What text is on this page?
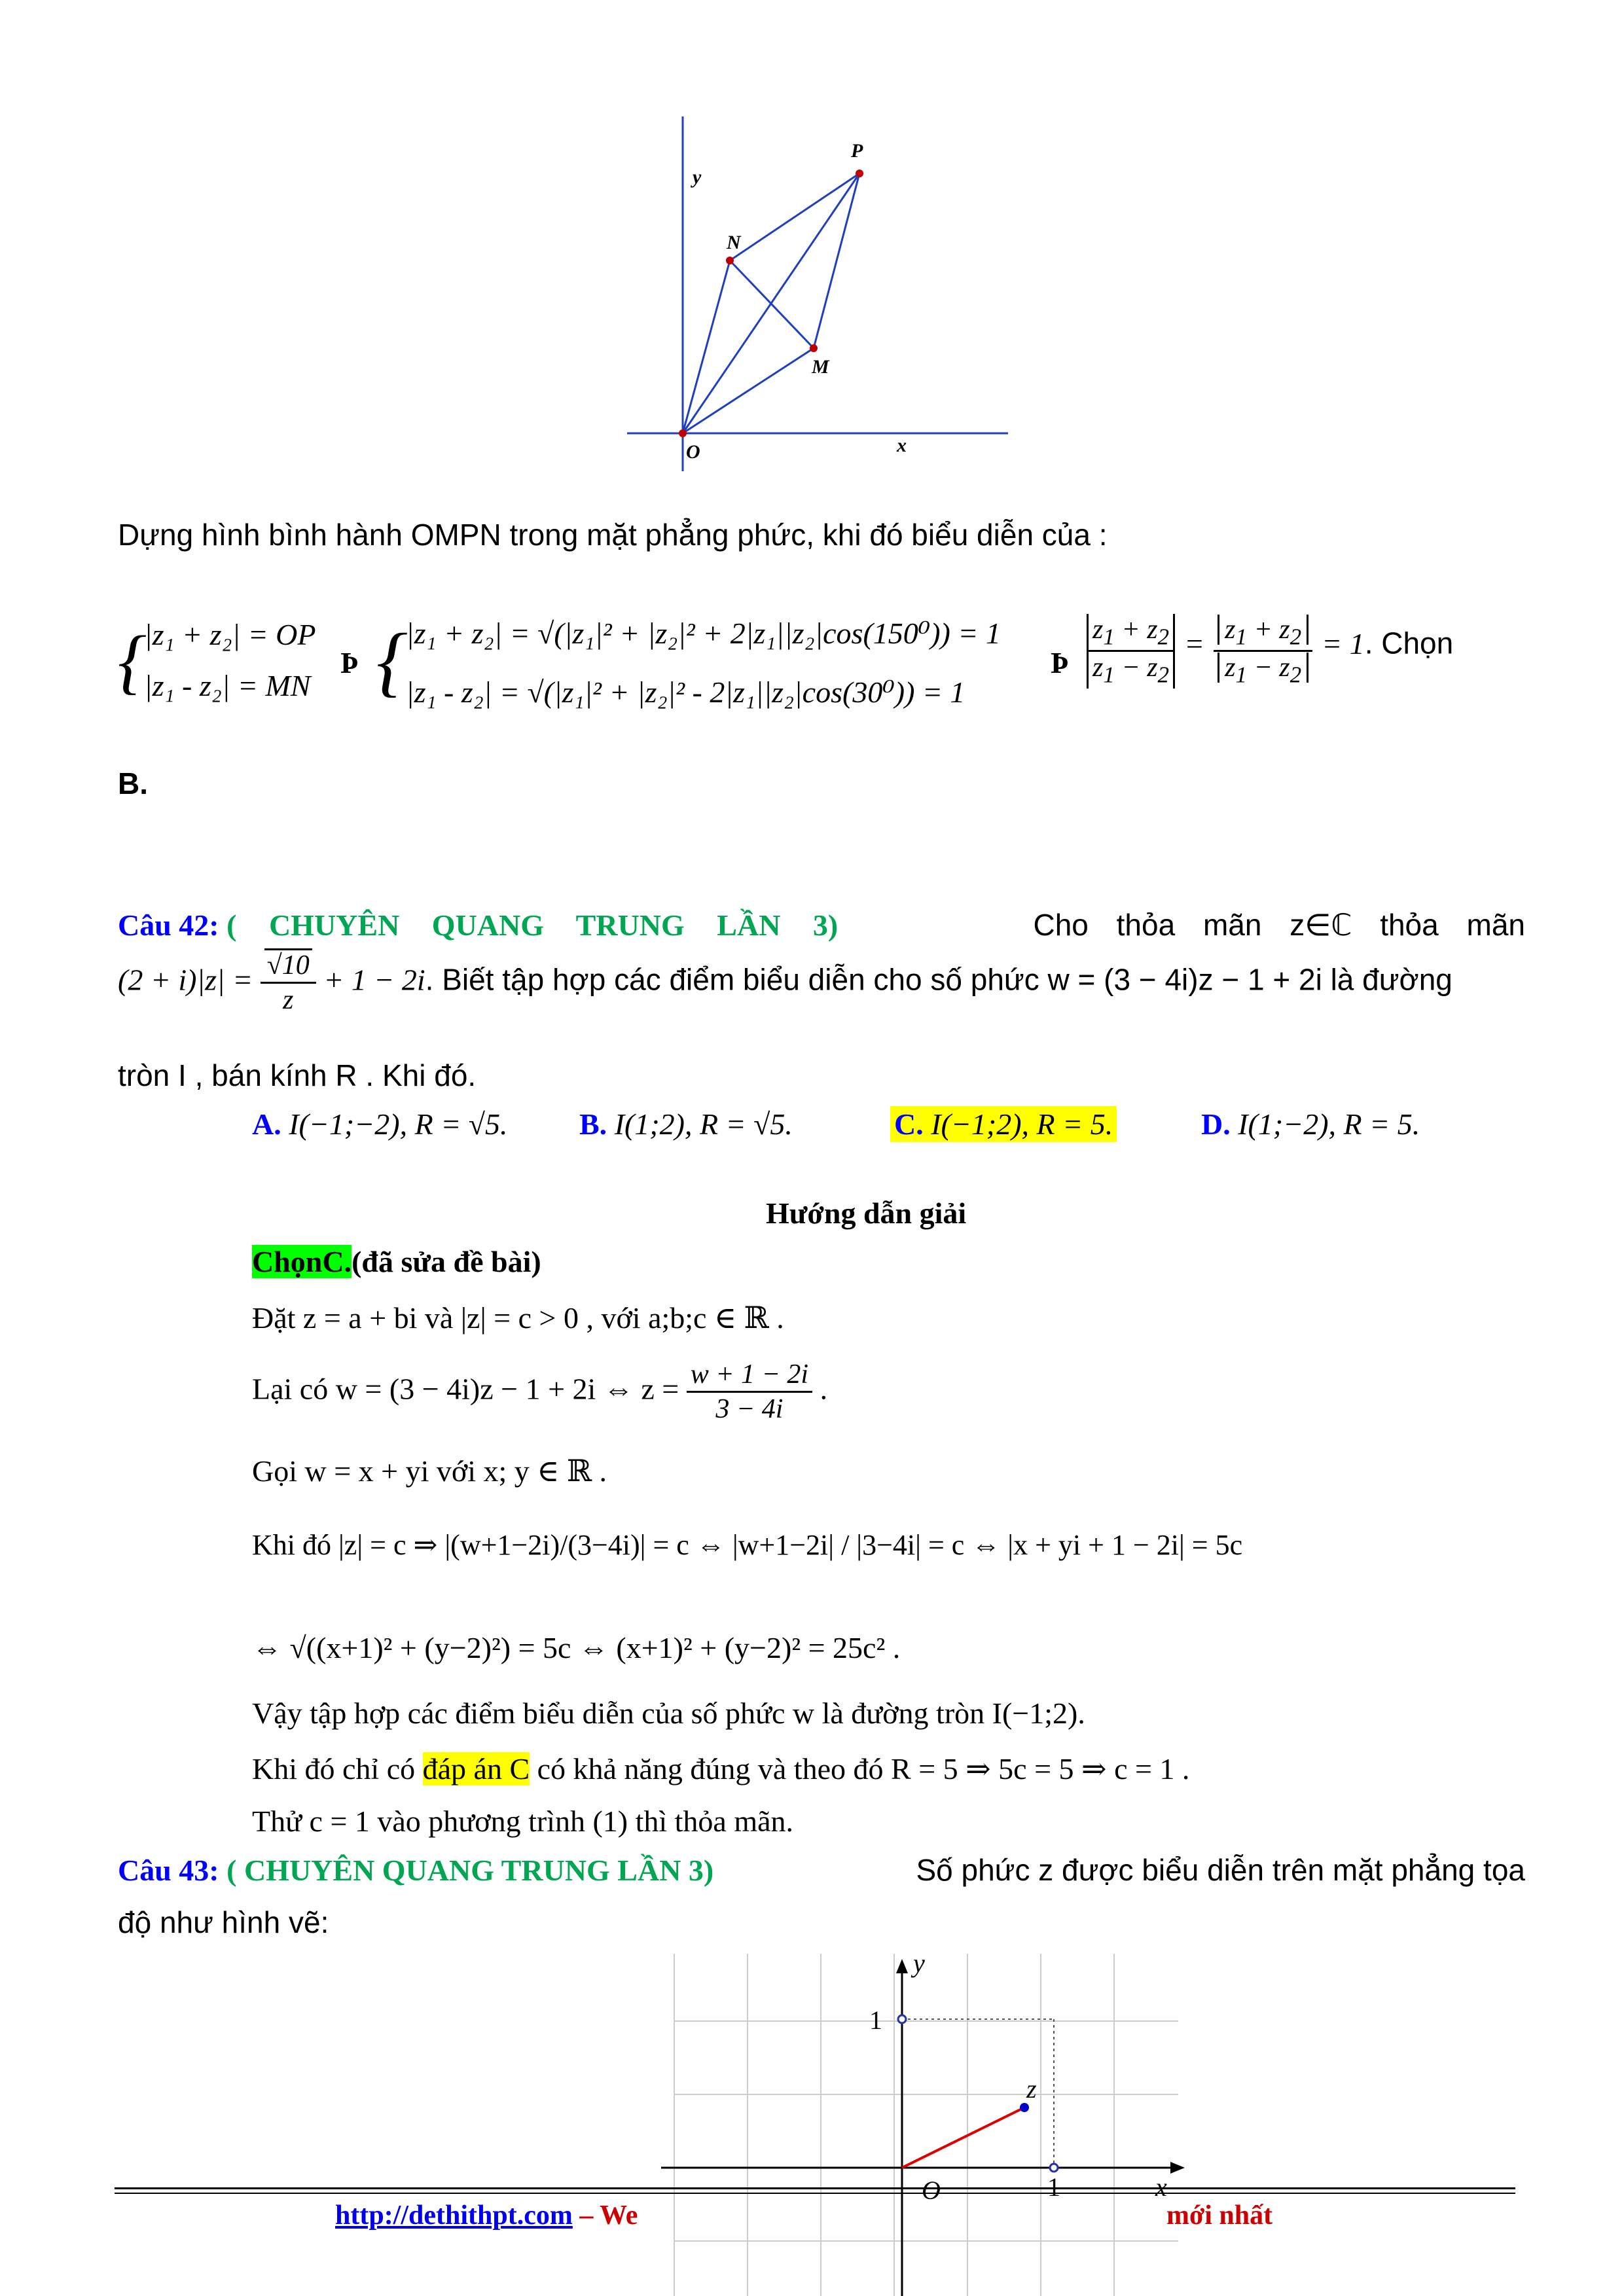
y
x
O
P
N
M
Dựng hình bình hành OMPN trong mặt phẳng phức, khi đó biểu diễn của :
{
|z₁ + z₂| = OP
|z₁ - z₂| = MN
Þ {
|z₁ + z₂| = √(|z₁|² + |z₂|² + 2|z₁||z₂|cos(150⁰)) = 1
|z₁ - z₂| = √(|z₁|² + |z₂|² - 2|z₁||z₂|cos(30⁰)) = 1
Þ $\frac{z_1 + z_2}{z_1 - z_2} = \frac{z_1 + z_2}{z_1 - z_2} = 1$. Chọn
B.
Câu 42: ( CHUYÊN QUANG TRUNG LẦN 3)	Cho thỏa mãn z∈ℂ thỏa mãn
$(2 + i)|z| = \frac{√10}{z} + 1 - 2i$. Biết tập hợp các điểm biểu diễn cho số phức w = (3 − 4i)z − 1 + 2i là đường
tròn I , bán kính R . Khi đó.
A. I(−1;−2), R = √5. B. I(1;2), R = √5.	C. I(−1;2), R = 5.	D. I(1;−2), R = 5.
Hướng dẫn giải
ChọnC.(đã sửa đề bài)
Đặt z = a + bi và |z| = c > 0 , với a;b;c ∈ ℝ .
Lại có w = (3 − 4i)z − 1 + 2i ⇔ $z = \frac{w + 1 - 2i}{3 - 4i}$ .
Gọi w = x + yi với x; y ∈ ℝ .
Khi đó |z| = c ⇒ |(w+1−2i)/(3−4i)| = c ⇔ |w+1−2i| / |3−4i| = c ⇔ |x + yi + 1 − 2i| = 5c
⇔ √((x+1)² + (y−2)²) = 5c ⇔ (x+1)² + (y−2)² = 25c² .
Vậy tập hợp các điểm biểu diễn của số phức w là đường tròn I(−1;2).
Khi đó chỉ có đáp án C có khả năng đúng và theo đó R = 5 ⇒ 5c = 5 ⇒ c = 1 .
Thử c = 1 vào phương trình (1) thì thỏa mãn.
Câu 43: ( CHUYÊN QUANG TRUNG LẦN 3)	Số phức z được biểu diễn trên mặt phẳng tọa
độ như hình vẽ:
y
x
1
1
O
z
http://dethithpt.com – We	mới nhất
